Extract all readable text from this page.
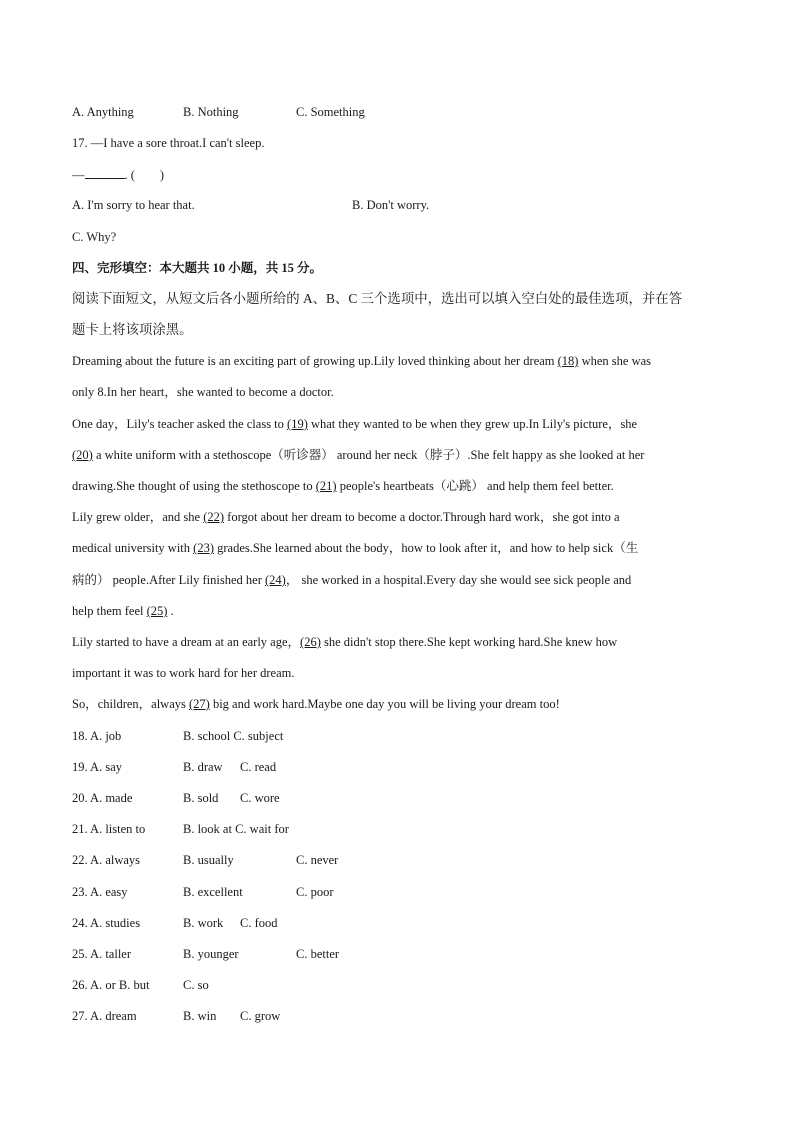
A. Anything	B. Nothing	C. Something
17. —I have a sore throat.I can't sleep.
—	. (　　)
A. I'm sorry to hear that.	B. Don't worry.
C. Why?
四、完形填空：本大题共 10 小题，共 15 分。
阅读下面短文，从短文后各小题所给的 A、B、C 三个选项中，选出可以填入空白处的最佳选项，并在答
题卡上将该项涂黑。
Dreaming about the future is an exciting part of growing up.Lily loved thinking about her dream (18) when she was
only 8.In her heart，she wanted to become a doctor.
One day，Lily's teacher asked the class to (19) what they wanted to be when they grew up.In Lily's picture，she
(20) a white uniform with a stethoscope（听诊器） around her neck（脖子）.She felt happy as she looked at her
drawing.She thought of using the stethoscope to (21) people's heartbeats（心跳） and help them feel better.
Lily grew older，and she (22) forgot about her dream to become a doctor.Through hard work，she got into a
medical university with (23) grades.She learned about the body，how to look after it，and how to help sick（生
病的） people.After Lily finished her (24)， she worked in a hospital.Every day she would see sick people and
help them feel (25) .
Lily started to have a dream at an early age，(26) she didn't stop there.She kept working hard.She knew how
important it was to work hard for her dream.
So，children，always (27) big and work hard.Maybe one day you will be living your dream too!
18. A. job	B. school C. subject
19. A. say	B. draw C. read
20. A. made	B. sold C. wore
21. A. listen to	B. look at C. wait for
22. A. always	B. usually	C. never
23. A. easy	B. excellent	C. poor
24. A. studies	B. work C. food
25. A. taller	B. younger	C. better
26. A. or B. but	C. so
27. A. dream	B. win C. grow
